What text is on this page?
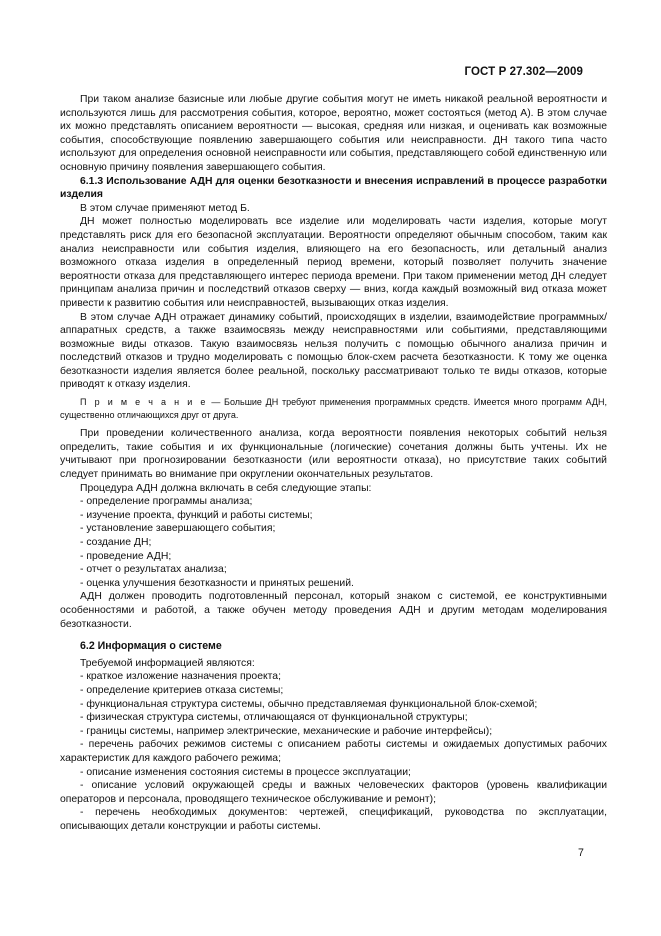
ГОСТ Р 27.302—2009

При таком анализе базисные или любые другие события могут не иметь никакой реальной вероятности и используются лишь для рассмотрения события, которое, вероятно, может состояться (метод А). В этом случае их можно представлять описанием вероятности — высокая, средняя или низкая, и оценивать как возможные события, способствующие появлению завершающего события или неисправности. ДН такого типа часто используют для определения основной неисправности или события, представляющего собой единственную или основную причину появления завершающего события.

6.1.3 Использование АДН для оценки безотказности и внесения исправлений в процессе разработки изделия

В этом случае применяют метод Б.

ДН может полностью моделировать все изделие или моделировать части изделия, которые могут представлять риск для его безопасной эксплуатации. Вероятности определяют обычным способом, таким как анализ неисправности или события изделия, влияющего на его безопасность, или детальный анализ возможного отказа изделия в определенный период времени, который позволяет получить значение вероятности отказа для представляющего интерес периода времени. При таком применении метод ДН следует принципам анализа причин и последствий отказов сверху — вниз, когда каждый возможный вид отказа может привести к развитию события или неисправностей, вызывающих отказ изделия.

В этом случае АДН отражает динамику событий, происходящих в изделии, взаимодействие программных/аппаратных средств, а также взаимосвязь между неисправностями или событиями, представляющими возможные виды отказов. Такую взаимосвязь нельзя получить с помощью обычного анализа причин и последствий отказов и трудно моделировать с помощью блок-схем расчета безотказности. К тому же оценка безотказности изделия является более реальной, поскольку рассматривают только те виды отказов, которые приводят к отказу изделия.

П р и м е ч а н и е — Большие ДН требуют применения программных средств. Имеется много программ АДН, существенно отличающихся друг от друга.

При проведении количественного анализа, когда вероятности появления некоторых событий нельзя определить, такие события и их функциональные (логические) сочетания должны быть учтены. Их не учитывают при прогнозировании безотказности (или вероятности отказа), но присутствие таких событий следует принимать во внимание при округлении окончательных результатов.

Процедура АДН должна включать в себя следующие этапы:

- определение программы анализа;

- изучение проекта, функций и работы системы;

- установление завершающего события;

- создание ДН;

- проведение АДН;

- отчет о результатах анализа;

- оценка улучшения безотказности и принятых решений.

АДН должен проводить подготовленный персонал, который знаком с системой, ее конструктивными особенностями и работой, а также обучен методу проведения АДН и другим методам моделирования безотказности.

6.2 Информация о системе

Требуемой информацией являются:

- краткое изложение назначения проекта;

- определение критериев отказа системы;

- функциональная структура системы, обычно представляемая функциональной блок-схемой;

- физическая структура системы, отличающаяся от функциональной структуры;

- границы системы, например электрические, механические и рабочие интерфейсы);

- перечень рабочих режимов системы с описанием работы системы и ожидаемых допустимых рабочих характеристик для каждого рабочего режима;

- описание изменения состояния системы в процессе эксплуатации;

- описание условий окружающей среды и важных человеческих факторов (уровень квалификации операторов и персонала, проводящего техническое обслуживание и ремонт);

- перечень необходимых документов: чертежей, спецификаций, руководства по эксплуатации, описывающих детали конструкции и работы системы.

7
